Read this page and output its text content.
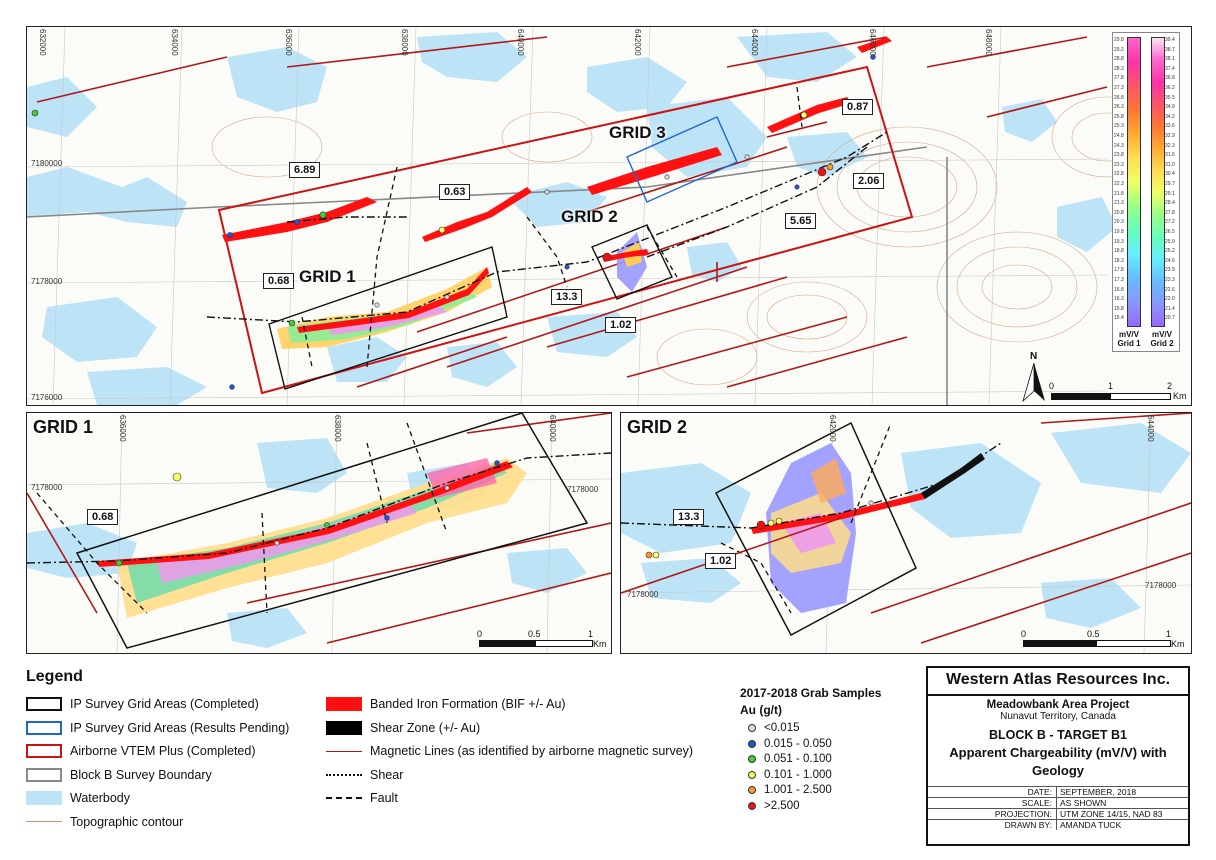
GRID 1
GRID 2
GRID 3
6.89
0.63
0.87
2.06
5.65
0.68
13.3
1.02
632000	634000	636000	638000	640000	642000	644000	646000	648000
7180000
7178000
7176000
N
0	1	2
Km
29.8
29.2
28.8
28.3
27.8
27.3
26.8
26.3
25.8
25.3
24.8
24.3
23.8
23.3
22.8
22.3
21.8
21.3
20.8
20.3
19.8
19.3
18.8
18.3
17.8
17.3
16.8
16.3
15.8
15.4
39.4
38.7
38.1
37.4
36.8
36.2
35.5
34.9
34.2
33.6
32.9
32.3
31.6
31.0
30.4
29.7
29.1
28.4
27.8
27.2
26.5
25.9
25.2
24.6
23.9
23.3
22.6
22.0
21.4
20.7
mV/V Grid 1
mV/V Grid 2
GRID 1
0.68
636000	638000	640000
7178000	7178000
0	0.5	1
Km
GRID 2
13.3
1.02
642000	644000
7178000
7178000
0	0.5	1
Km
Legend
IP Survey Grid Areas (Completed)
IP Survey Grid Areas (Results Pending)
Airborne VTEM Plus (Completed)
Block B Survey Boundary
Waterbody
Topographic contour
Banded Iron Formation (BIF +/- Au)
Shear Zone (+/- Au)
Magnetic Lines (as identified by airborne magnetic survey)
Shear
Fault
2017-2018 Grab Samples
Au (g/t)
<0.015
0.015 - 0.050
0.051 - 0.100
0.101 - 1.000
1.001 - 2.500
>2.500
Western Atlas Resources Inc.
Meadowbank Area Project
Nunavut Territory, Canada
BLOCK B - TARGET B1
Apparent Chargeability (mV/V) with Geology
DATE: SEPTEMBER, 2018
SCALE: AS SHOWN
PROJECTION: UTM ZONE 14/15, NAD 83
DRAWN BY: AMANDA TUCK
